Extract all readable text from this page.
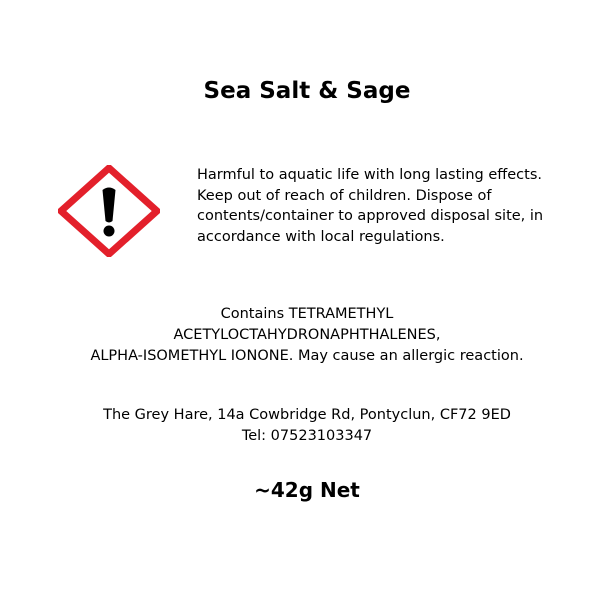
Sea Salt & Sage
Harmful to aquatic life with long lasting effects.
Keep out of reach of children. Dispose of
contents/container to approved disposal site, in
accordance with local regulations.
Contains TETRAMETHYL
ACETYLOCTAHYDRONAPHTHALENES,
ALPHA-ISOMETHYL IONONE. May cause an allergic reaction.
The Grey Hare, 14a Cowbridge Rd, Pontyclun, CF72 9ED
Tel: 07523103347
~42g Net
